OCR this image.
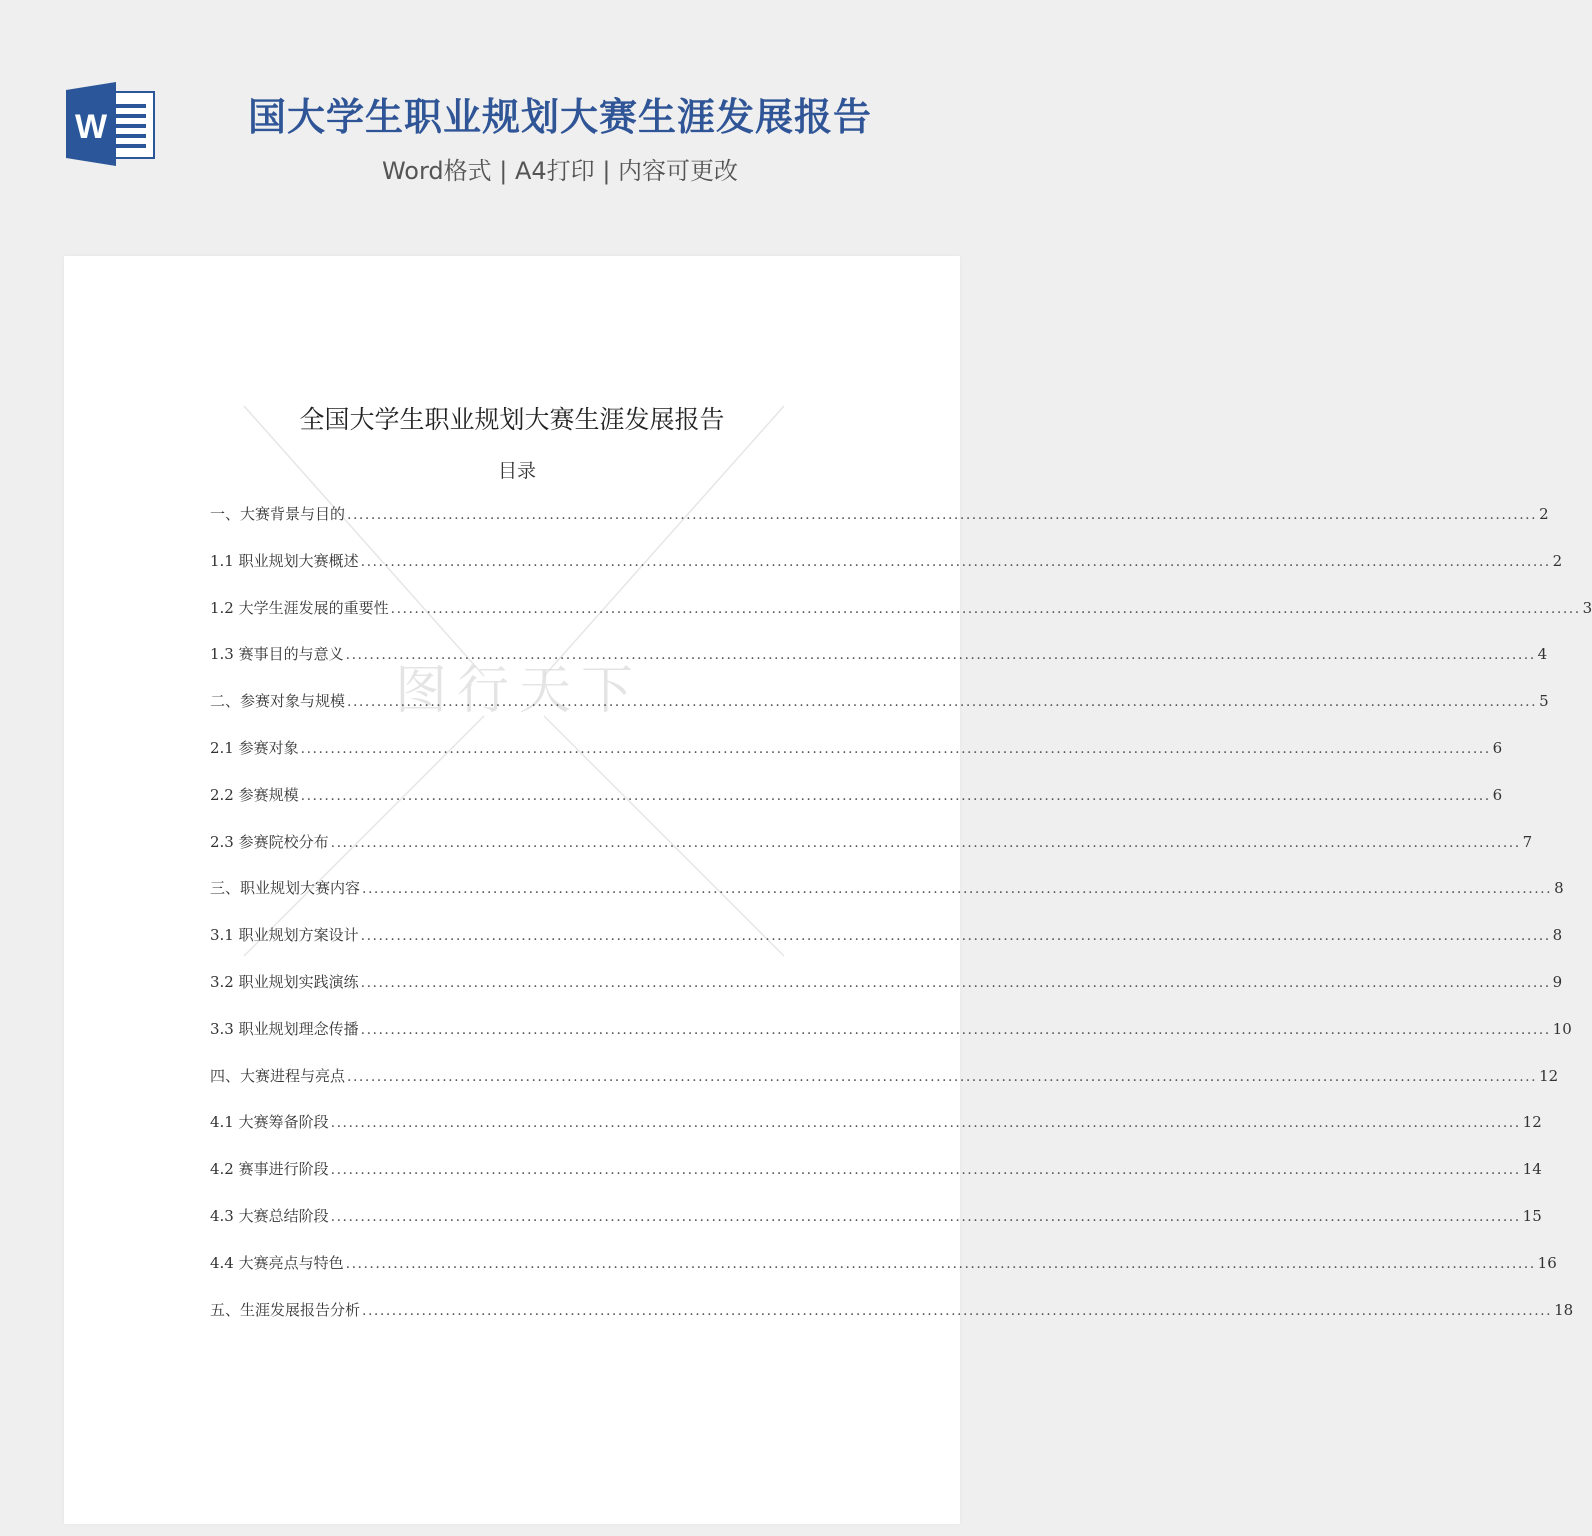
W	国大学生职业规划大赛生涯发展报告
Word格式 | A4打印 | 内容可更改
图行天下
全国大学生职业规划大赛生涯发展报告
目录
一、大赛背景与目的 ........................................................................................................................................................................................................ 2
1.1 职业规划大赛概述 ........................................................................................................................................................................................................ 2
1.2 大学生涯发展的重要性 ........................................................................................................................................................................................................ 3
1.3 赛事目的与意义 ........................................................................................................................................................................................................ 4
二、参赛对象与规模 ........................................................................................................................................................................................................ 5
2.1 参赛对象 ........................................................................................................................................................................................................ 6
2.2 参赛规模 ........................................................................................................................................................................................................ 6
2.3 参赛院校分布 ........................................................................................................................................................................................................ 7
三、职业规划大赛内容 ........................................................................................................................................................................................................ 8
3.1 职业规划方案设计 ........................................................................................................................................................................................................ 8
3.2 职业规划实践演练 ........................................................................................................................................................................................................ 9
3.3 职业规划理念传播 ........................................................................................................................................................................................................ 10
四、大赛进程与亮点 ........................................................................................................................................................................................................ 12
4.1 大赛筹备阶段 ........................................................................................................................................................................................................ 12
4.2 赛事进行阶段 ........................................................................................................................................................................................................ 14
4.3 大赛总结阶段 ........................................................................................................................................................................................................ 15
4.4 大赛亮点与特色 ........................................................................................................................................................................................................ 16
五、生涯发展报告分析 ........................................................................................................................................................................................................ 18
